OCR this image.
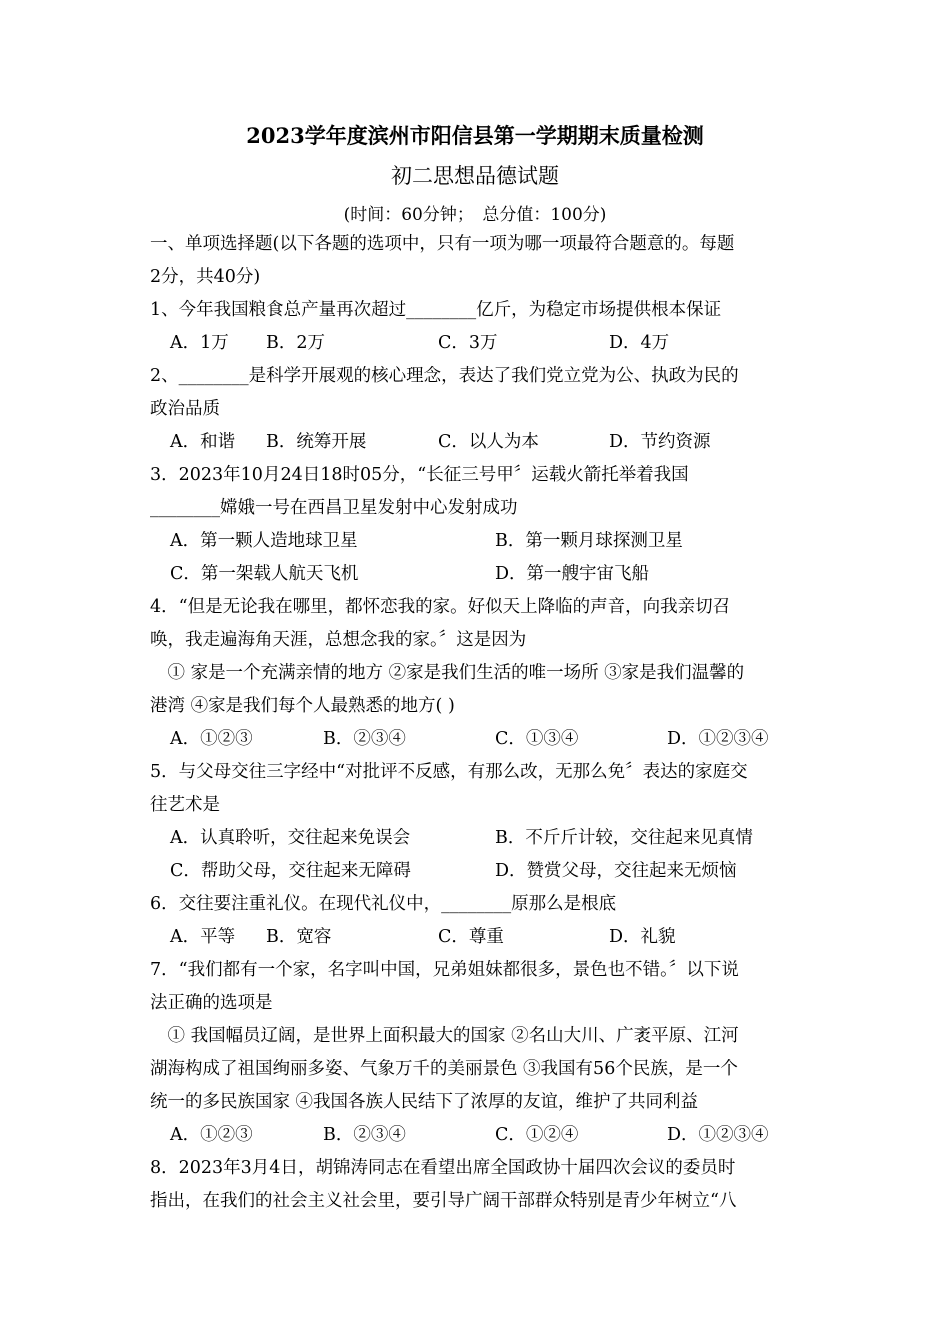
2023学年度滨州市阳信县第一学期期末质量检测
初二思想品德试题
(时间：60分钟；　总分值：100分)
一、单项选择题(以下各题的选项中，只有一项为哪一项最符合题意的。每题
2分，共40分)
1、今年我国粮食总产量再次超过________亿斤，为稳定市场提供根本保证
A．1万 B．2万	C．3万	D．4万
2、________是科学开展观的核心理念，表达了我们党立党为公、执政为民的
政治品质
A．和谐 B．统筹开展	C．以人为本	D．节约资源
3．2023年10月24日18时05分，“长征三号甲〞运载火箭托举着我国
________嫦娥一号在西昌卫星发射中心发射成功
A．第一颗人造地球卫星	B．第一颗月球探测卫星
C．第一架载人航天飞机	D．第一艘宇宙飞船
4．“但是无论我在哪里，都怀恋我的家。好似天上降临的声音，向我亲切召
唤，我走遍海角天涯，总想念我的家。〞这是因为
　① 家是一个充满亲情的地方 ②家是我们生活的唯一场所 ③家是我们温馨的
港湾 ④家是我们每个人最熟悉的地方( )
A．①②③	B．②③④	C．①③④	D．①②③④
5．与父母交往三字经中“对批评不反感，有那么改，无那么免〞表达的家庭交
往艺术是
A．认真聆听，交往起来免误会	B．不斤斤计较，交往起来见真情
C．帮助父母，交往起来无障碍	D．赞赏父母，交往起来无烦恼
6．交往要注重礼仪。在现代礼仪中，________原那么是根底
A．平等 B．宽容	C．尊重	D．礼貌
7．“我们都有一个家，名字叫中国，兄弟姐妹都很多，景色也不错。〞以下说
法正确的选项是
　① 我国幅员辽阔，是世界上面积最大的国家 ②名山大川、广袤平原、江河
湖海构成了祖国绚丽多姿、气象万千的美丽景色 ③我国有56个民族，是一个
统一的多民族国家 ④我国各族人民结下了浓厚的友谊，维护了共同利益
A．①②③	B．②③④	C．①②④	D．①②③④
8．2023年3月4日，胡锦涛同志在看望出席全国政协十届四次会议的委员时
指出，在我们的社会主义社会里，要引导广阔干部群众特别是青少年树立“八
